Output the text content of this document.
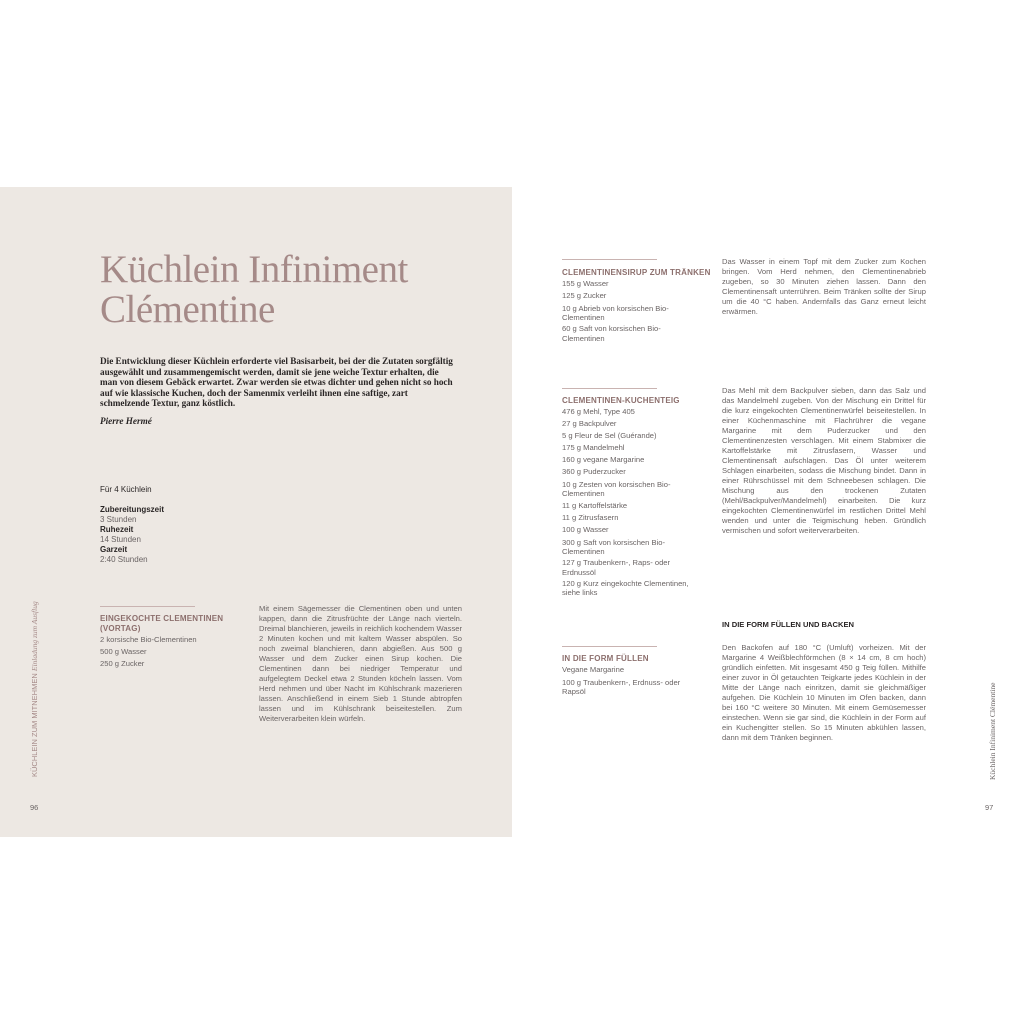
Küchlein Infiniment
Clémentine

Die Entwicklung dieser Küchlein erforderte viel Basisarbeit, bei der die Zutaten sorgfältig ausgewählt und zusammengemischt werden, damit sie jene weiche Textur erhalten, die man von diesem Gebäck erwartet. Zwar werden sie etwas dichter und gehen nicht so hoch auf wie klassische Kuchen, doch der Samenmix verleiht ihnen eine saftige, zart schmelzende Textur, ganz köstlich.

Pierre Hermé

Für 4 Küchlein
Zubereitungszeit
3 Stunden
Ruhezeit
14 Stunden
Garzeit
2:40 Stunden
EINGEKOCHTE CLEMENTINEN (VORTAG)
2 korsische Bio-Clementinen
500 g Wasser
250 g Zucker

Mit einem Sägemesser die Clementinen oben und unten kappen, dann die Zitrusfrüchte der Länge nach vierteln. Dreimal blanchieren, jeweils in reichlich kochendem Wasser 2 Minuten kochen und mit kaltem Wasser abspülen. So noch zweimal blanchieren, dann abgießen. Aus 500 g Wasser und dem Zucker einen Sirup kochen. Die Clementinen dann bei niedriger Temperatur und aufgelegtem Deckel etwa 2 Stunden köcheln lassen. Vom Herd nehmen und über Nacht im Kühlschrank mazerieren lassen. Anschließend in einem Sieb 1 Stunde abtropfen lassen und im Kühlschrank beiseitestellen. Zum Weiterverarbeiten klein würfeln.

KÜCHLEIN ZUM MITNEHMEN Einladung zum Ausflug
96
CLEMENTINENSIRUP ZUM TRÄNKEN
155 g Wasser
125 g Zucker
10 g Abrieb von korsischen Bio-Clementinen
60 g Saft von korsischen Bio-Clementinen

Das Wasser in einem Topf mit dem Zucker zum Kochen bringen. Vom Herd nehmen, den Clementinenabrieb zugeben, so 30 Minuten ziehen lassen. Dann den Clementinensaft unterrühren. Beim Tränken sollte der Sirup um die 40 °C haben. Andernfalls das Ganz erneut leicht erwärmen.

CLEMENTINEN-KUCHENTEIG
476 g Mehl, Type 405
27 g Backpulver
5 g Fleur de Sel (Guérande)
175 g Mandelmehl
160 g vegane Margarine
360 g Puderzucker
10 g Zesten von korsischen Bio-Clementinen
11 g Kartoffelstärke
11 g Zitrusfasern
100 g Wasser
300 g Saft von korsischen Bio-Clementinen
127 g Traubenkern-, Raps- oder Erdnussöl
120 g Kurz eingekochte Clementinen, siehe links

Das Mehl mit dem Backpulver sieben, dann das Salz und das Mandelmehl zugeben. Von der Mischung ein Drittel für die kurz eingekochten Clementinenwürfel beiseitestellen. In einer Küchenmaschine mit Flachrührer die vegane Margarine mit dem Puderzucker und den Clementinenzesten verschlagen. Mit einem Stabmixer die Kartoffelstärke mit Zitrusfasern, Wasser und Clementinensaft aufschlagen. Das Öl unter weiterem Schlagen einarbeiten, sodass die Mischung bindet. Dann in einer Rührschüssel mit dem Schneebesen schlagen. Die Mischung aus den trockenen Zutaten (Mehl/Backpulver/Mandelmehl) einarbeiten. Die kurz eingekochten Clementinenwürfel im restlichen Drittel Mehl wenden und unter die Teigmischung heben. Gründlich vermischen und sofort weiterverarbeiten.

IN DIE FORM FÜLLEN UND BACKEN
IN DIE FORM FÜLLEN
Vegane Margarine
100 g Traubenkern-, Erdnuss- oder Rapsöl

Den Backofen auf 180 °C (Umluft) vorheizen. Mit der Margarine 4 Weißblechförmchen (8 × 14 cm, 8 cm hoch) gründlich einfetten. Mit insgesamt 450 g Teig füllen. Mithilfe einer zuvor in Öl getauchten Teigkarte jedes Küchlein in der Mitte der Länge nach einritzen, damit sie gleichmäßiger aufgehen. Die Küchlein 10 Minuten im Ofen backen, dann bei 160 °C weitere 30 Minuten. Mit einem Gemüsemesser einstechen. Wenn sie gar sind, die Küchlein in der Form auf ein Kuchengitter stellen. So 15 Minuten abkühlen lassen, dann mit dem Tränken beginnen.	Küchlein Infiniment Clémentine
97
